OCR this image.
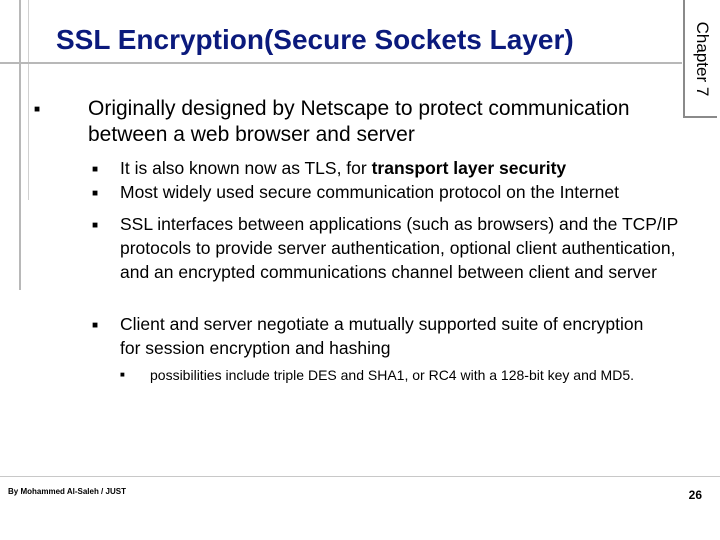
Chapter 7
SSL Encryption(Secure Sockets Layer)
■ Originally designed by Netscape to protect communication between a web browser and server
■ It is also known now as TLS, for transport layer security
■ Most widely used secure communication protocol on the Internet
■ SSL interfaces between applications (such as browsers) and the TCP/IP protocols to provide server authentication, optional client authentication, and an encrypted communications channel between client and server
■ Client and server negotiate a mutually supported suite of encryption for session encryption and hashing
■ possibilities include triple DES and SHA1, or RC4 with a 128-bit key and MD5.
By Mohammed Al-Saleh / JUST	26
